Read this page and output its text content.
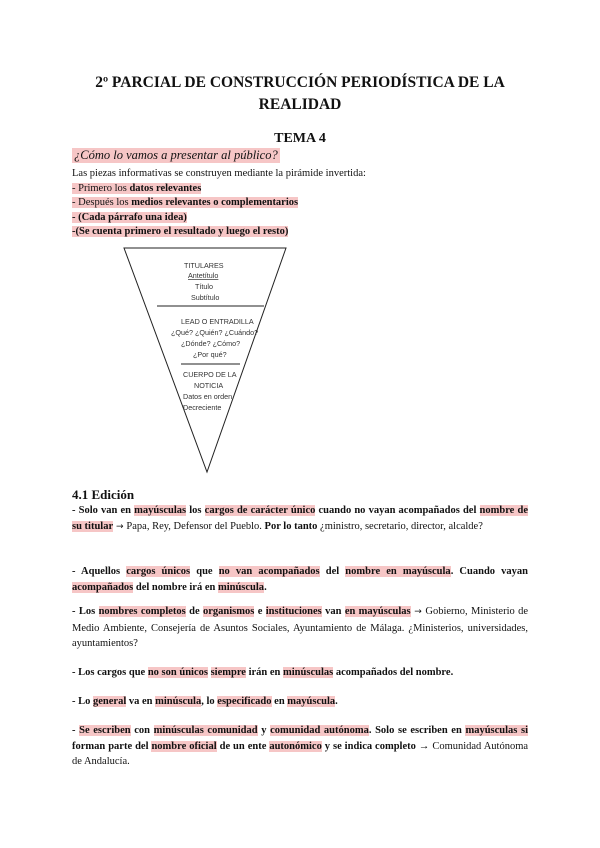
2º PARCIAL DE CONSTRUCCIÓN PERIODÍSTICA DE LA REALIDAD
TEMA 4
¿Cómo lo vamos a presentar al público?
Las piezas informativas se construyen mediante la pirámide invertida:
- Primero los datos relevantes
- Después los medios relevantes o complementarios
- (Cada párrafo una idea)
-(Se cuenta primero el resultado y luego el resto)
TITULARES
Antetítulo
Título
Subtítulo
LEAD O ENTRADILLA
¿Qué? ¿Quién? ¿Cuándo?
¿Dónde? ¿Cómo?
¿Por qué?
CUERPO DE LA
NOTICIA
Datos en orden
Decreciente
4.1 Edición
- Solo van en mayúsculas los cargos de carácter único cuando no vayan acompañados del nombre de su titular → Papa, Rey, Defensor del Pueblo. Por lo tanto ¿ministro, secretario, director, alcalde?
- Aquellos cargos únicos que no van acompañados del nombre en mayúscula. Cuando vayan acompañados del nombre irá en minúscula.
- Los nombres completos de organismos e instituciones van en mayúsculas → Gobierno, Ministerio de Medio Ambiente, Consejería de Asuntos Sociales, Ayuntamiento de Málaga. ¿Ministerios, universidades, ayuntamientos?
- Los cargos que no son únicos siempre irán en minúsculas acompañados del nombre.
- Lo general va en minúscula, lo especificado en mayúscula.
- Se escriben con minúsculas comunidad y comunidad autónoma. Solo se escriben en mayúsculas si forman parte del nombre oficial de un ente autonómico y se indica completo → Comunidad Autónoma de Andalucía.
